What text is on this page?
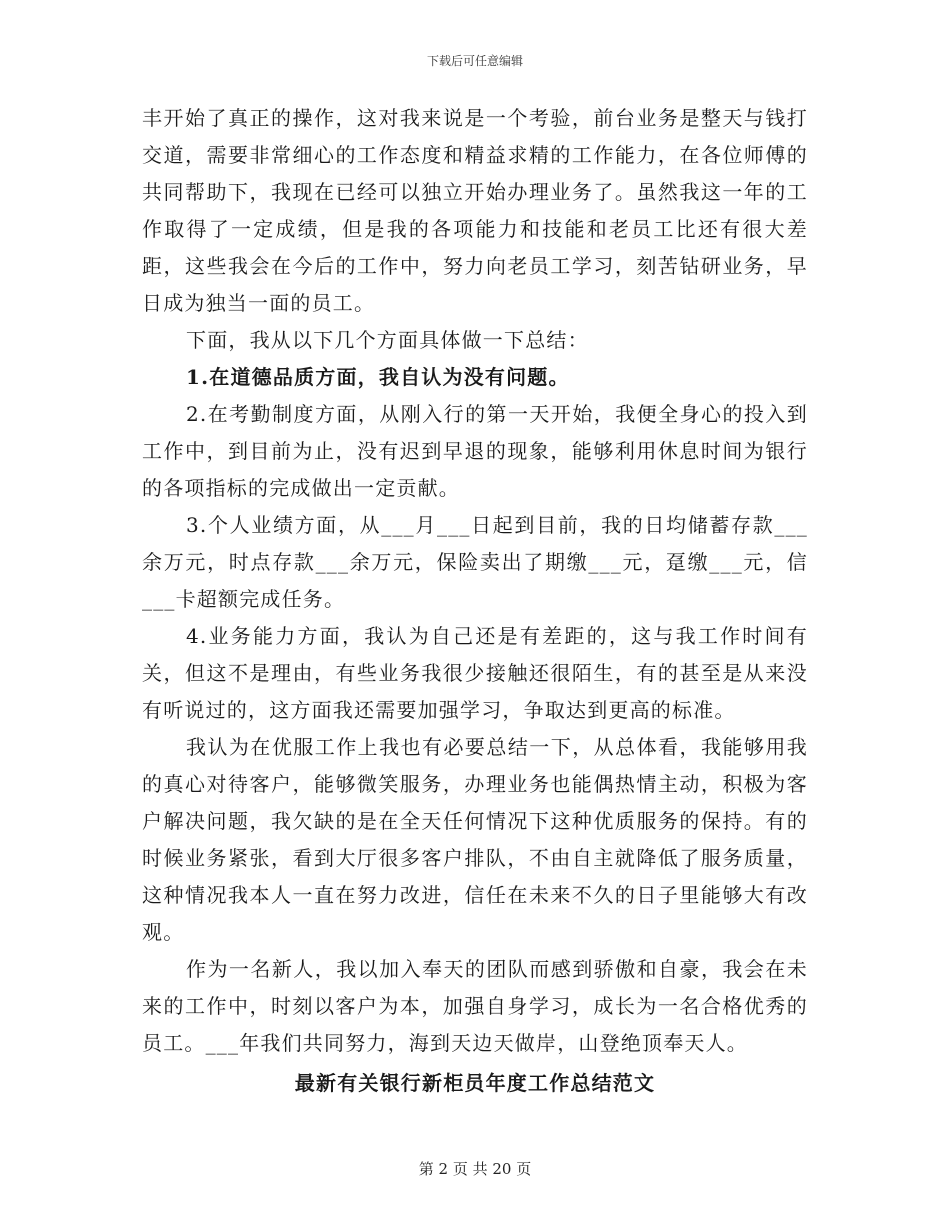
下载后可任意编辑

丰开始了真正的操作，这对我来说是一个考验，前台业务是整天与钱打交道，需要非常细心的工作态度和精益求精的工作能力，在各位师傅的共同帮助下，我现在已经可以独立开始办理业务了。虽然我这一年的工作取得了一定成绩，但是我的各项能力和技能和老员工比还有很大差距，这些我会在今后的工作中，努力向老员工学习，刻苦钻研业务，早日成为独当一面的员工。

下面，我从以下几个方面具体做一下总结：

1.在道德品质方面，我自认为没有问题。

2.在考勤制度方面，从刚入行的第一天开始，我便全身心的投入到工作中，到目前为止，没有迟到早退的现象，能够利用休息时间为银行的各项指标的完成做出一定贡献。

3.个人业绩方面，从___月___日起到目前，我的日均储蓄存款___余万元，时点存款___余万元，保险卖出了期缴___元，趸缴___元，信___卡超额完成任务。

4.业务能力方面，我认为自己还是有差距的，这与我工作时间有关，但这不是理由，有些业务我很少接触还很陌生，有的甚至是从来没有听说过的，这方面我还需要加强学习，争取达到更高的标准。

我认为在优服工作上我也有必要总结一下，从总体看，我能够用我的真心对待客户，能够微笑服务，办理业务也能偶热情主动，积极为客户解决问题，我欠缺的是在全天任何情况下这种优质服务的保持。有的时候业务紧张，看到大厅很多客户排队，不由自主就降低了服务质量，这种情况我本人一直在努力改进，信任在未来不久的日子里能够大有改观。

作为一名新人，我以加入奉天的团队而感到骄傲和自豪，我会在未来的工作中，时刻以客户为本，加强自身学习，成长为一名合格优秀的员工。___年我们共同努力，海到天边天做岸，山登绝顶奉天人。

最新有关银行新柜员年度工作总结范文
第 2 页 共 20 页
